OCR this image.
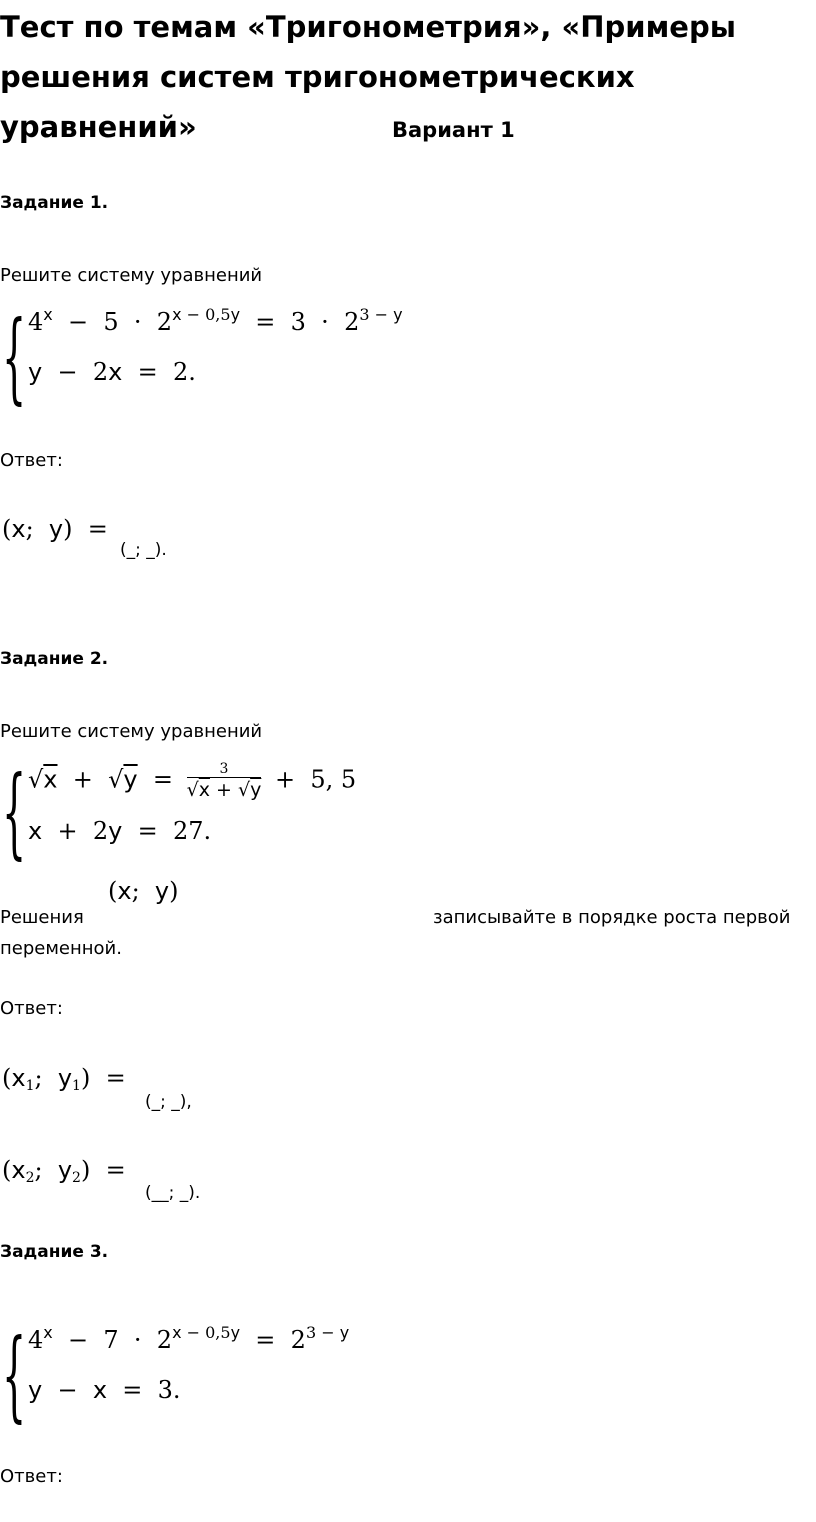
Тест по темам «Тригонометрия», «Примеры
решения систем тригонометрических уравнений»	Вариант 1
Задание 1.
Решите систему уравнений
{ $4^x - 5 \cdot 2^{x - 0,5y} = 3 \cdot 2^{3 - y}$
y  −  2x  =  2.
Ответ:
(x;  y)  =
(_; _).
Задание 2.
Решите систему уравнений
{ $√x + √y = \frac{3}{√x + √y} + 5$, 5
x  +  2y  =  27.
Решения
(x;  y)
записывайте в порядке роста первой
переменной.
Ответ:
($x_1$;  $y_1$)  =
(_; _),
($x_2$;  $y_2$)  =
(__; _).
Задание 3.
{ $4^x - 7 \cdot 2^{x - 0,5y} = 2^{3 - y}$
y  −  x  =  3.
Ответ:
